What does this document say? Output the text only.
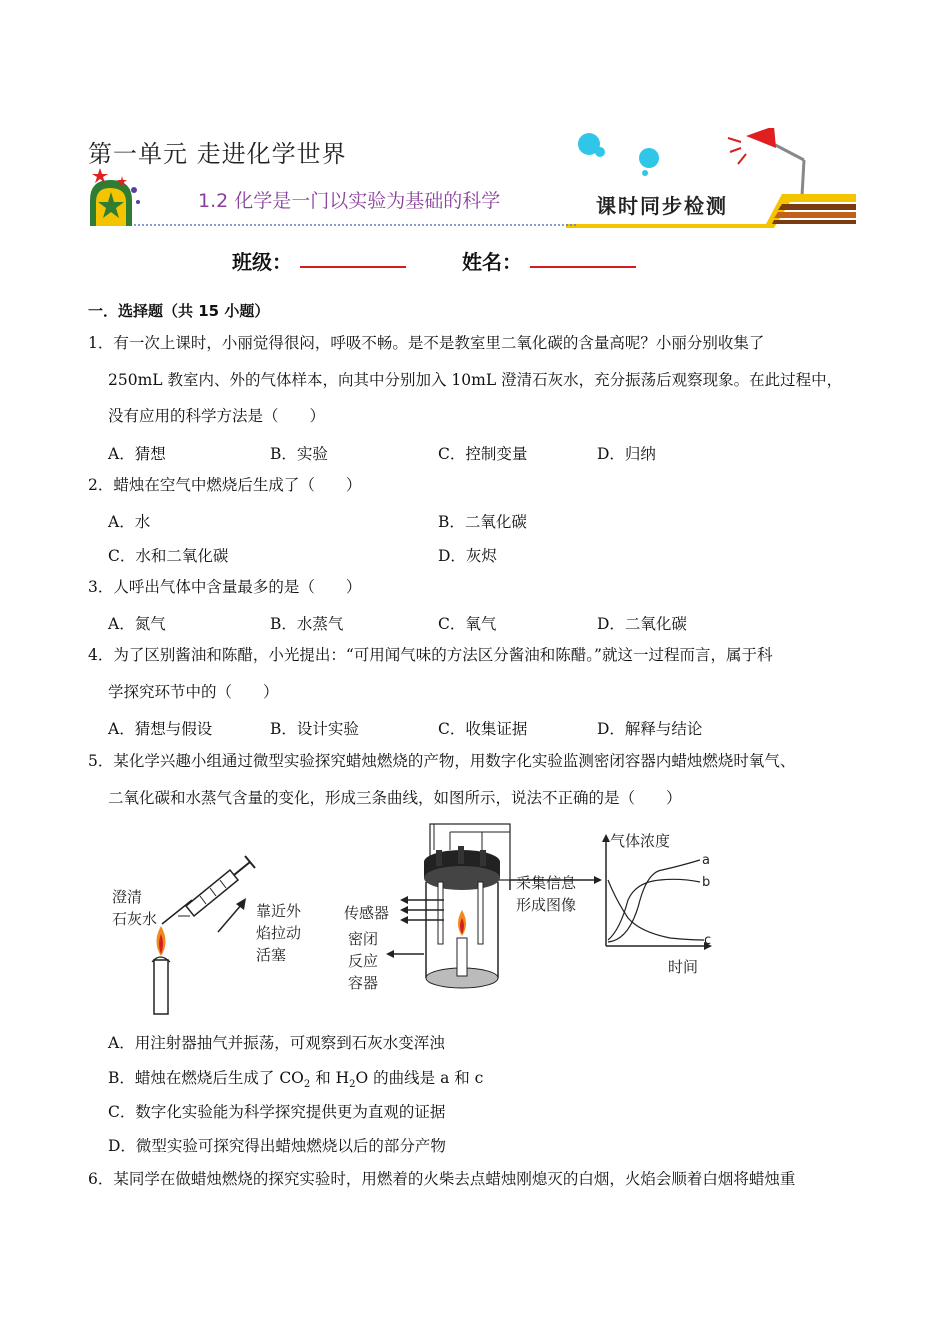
第一单元 走进化学世界
1.2 化学是一门以实验为基础的科学	课时同步检测
班级：	姓名：
一．选择题（共 15 小题）
1．有一次上课时，小丽觉得很闷，呼吸不畅。是不是教室里二氧化碳的含量高呢？小丽分别收集了
250mL 教室内、外的气体样本，向其中分别加入 10mL 澄清石灰水，充分振荡后观察现象。在此过程中，
没有应用的科学方法是（　　）
A．猜想	B．实验	C．控制变量	D．归纳
2．蜡烛在空气中燃烧后生成了（　　）
A．水	B．二氧化碳
C．水和二氧化碳	D．灰烬
3．人呼出气体中含量最多的是（　　）
A．氮气	B．水蒸气	C．氧气	D．二氧化碳
4．为了区别酱油和陈醋，小光提出：“可用闻气味的方法区分酱油和陈醋。”就这一过程而言，属于科
学探究环节中的（　　）
A．猜想与假设	B．设计实验	C．收集证据	D．解释与结论
5．某化学兴趣小组通过微型实验探究蜡烛燃烧的产物，用数字化实验监测密闭容器内蜡烛燃烧时氧气、
二氧化碳和水蒸气含量的变化，形成三条曲线，如图所示，说法不正确的是（　　）
澄清
石灰水	靠近外
焰拉动
活塞
传感器
密闭
反应
容器
采集信息
形成图像
气体浓度
时间
a
b
c
A．用注射器抽气并振荡，可观察到石灰水变浑浊
B．蜡烛在燃烧后生成了 $CO_2$ 和 $H_2O$ 的曲线是 a 和 c
C．数字化实验能为科学探究提供更为直观的证据
D．微型实验可探究得出蜡烛燃烧以后的部分产物
6．某同学在做蜡烛燃烧的探究实验时，用燃着的火柴去点蜡烛刚熄灭的白烟，火焰会顺着白烟将蜡烛重
